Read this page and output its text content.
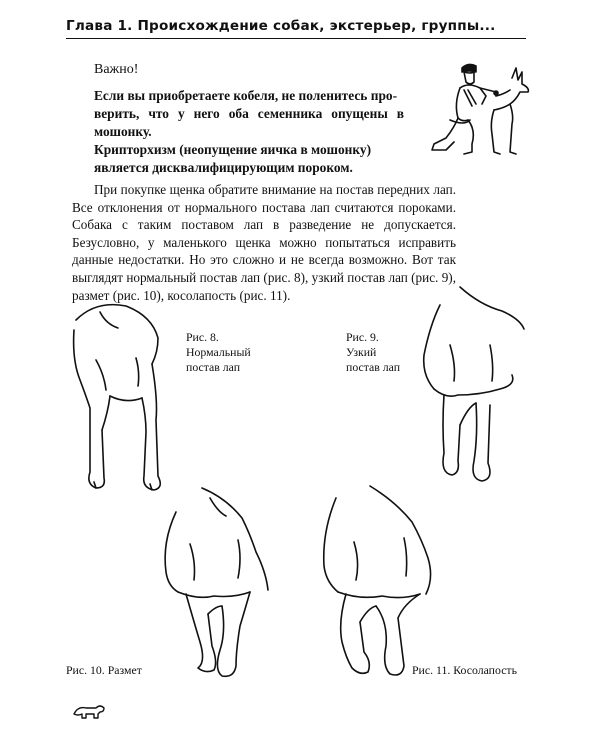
Глава 1. Происхождение собак, экстерьер, группы...
Важно!

Если вы приобретаете кобеля, не поленитесь про-

верить, что у него оба семенника опущены в мошонку.

Крипторхизм (неопущение яичка в мошонку)

является дисквалифицирующим пороком.

При покупке щенка обратите внимание на постав передних лап. Все отклонения от нормального постава лап считаются пороками. Собака с таким поставом лап в разведение не допускается. Безусловно, у маленького щенка можно попытаться исправить данные недостатки. Но это сложно и не всегда возможно. Вот так выглядят нормальный постав лап (рис. 8), узкий постав лап (рис. 9), размет (рис. 10), косолапость (рис. 11).

Рис. 8.
Нормальный
постав лап
Рис. 9.
Узкий
постав лап
Рис. 10. Размет	Рис. 11. Косолапость
